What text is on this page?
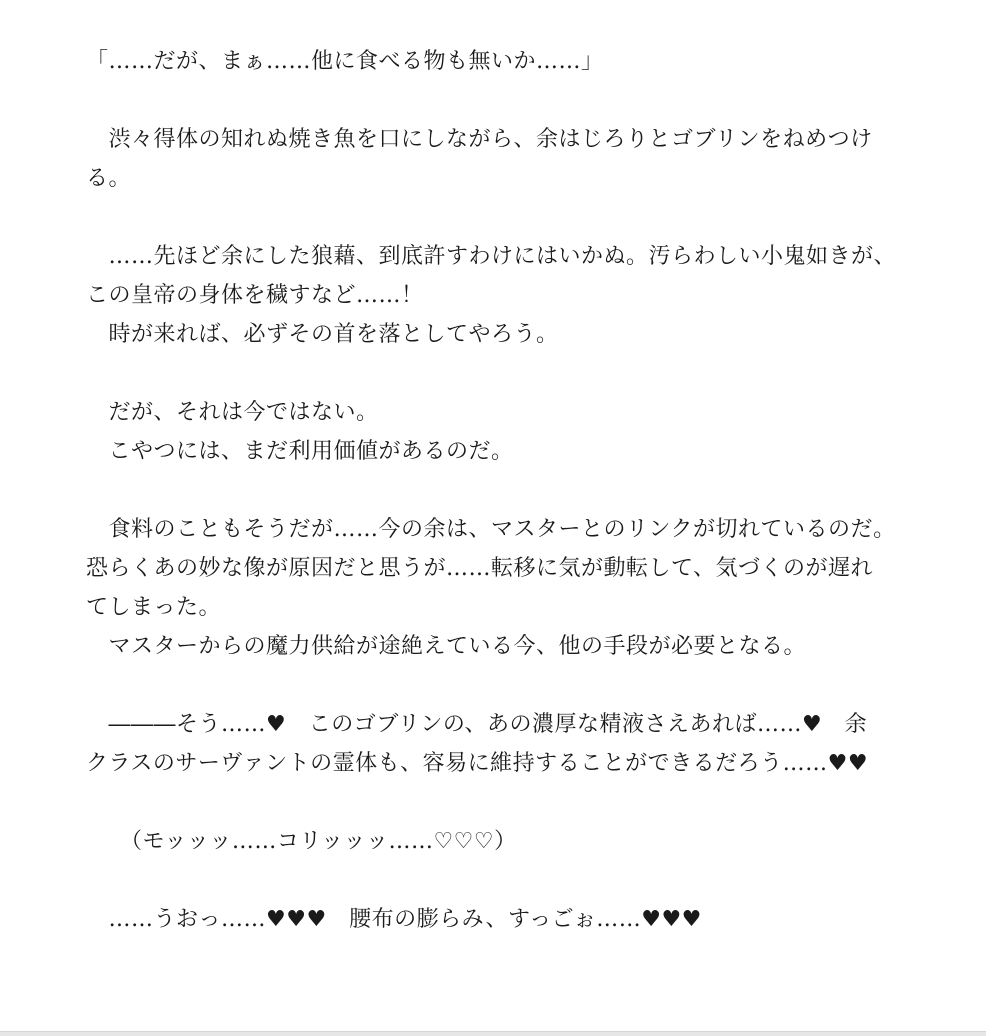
「……だが、まぁ……他に食べる物も無いか……」
　渋々得体の知れぬ焼き魚を口にしながら、余はじろりとゴブリンをねめつけ
る。
　……先ほど余にした狼藉、到底許すわけにはいかぬ。汚らわしい小鬼如きが、
この皇帝の身体を穢すなど……！
　時が来れば、必ずその首を落としてやろう。
　だが、それは今ではない。
　こやつには、まだ利用価値があるのだ。
　食料のこともそうだが……今の余は、マスターとのリンクが切れているのだ。
恐らくあの妙な像が原因だと思うが……転移に気が動転して、気づくのが遅れ
てしまった。
　マスターからの魔力供給が途絶えている今、他の手段が必要となる。
　―――そう……♥　このゴブリンの、あの濃厚な精液さえあれば……♥　余
クラスのサーヴァントの霊体も、容易に維持することができるだろう……♥♥
　　（モッッッ……コリッッッ……♡♡♡）
　……うおっ……♥♥♥　腰布の膨らみ、すっごぉ……♥♥♥
